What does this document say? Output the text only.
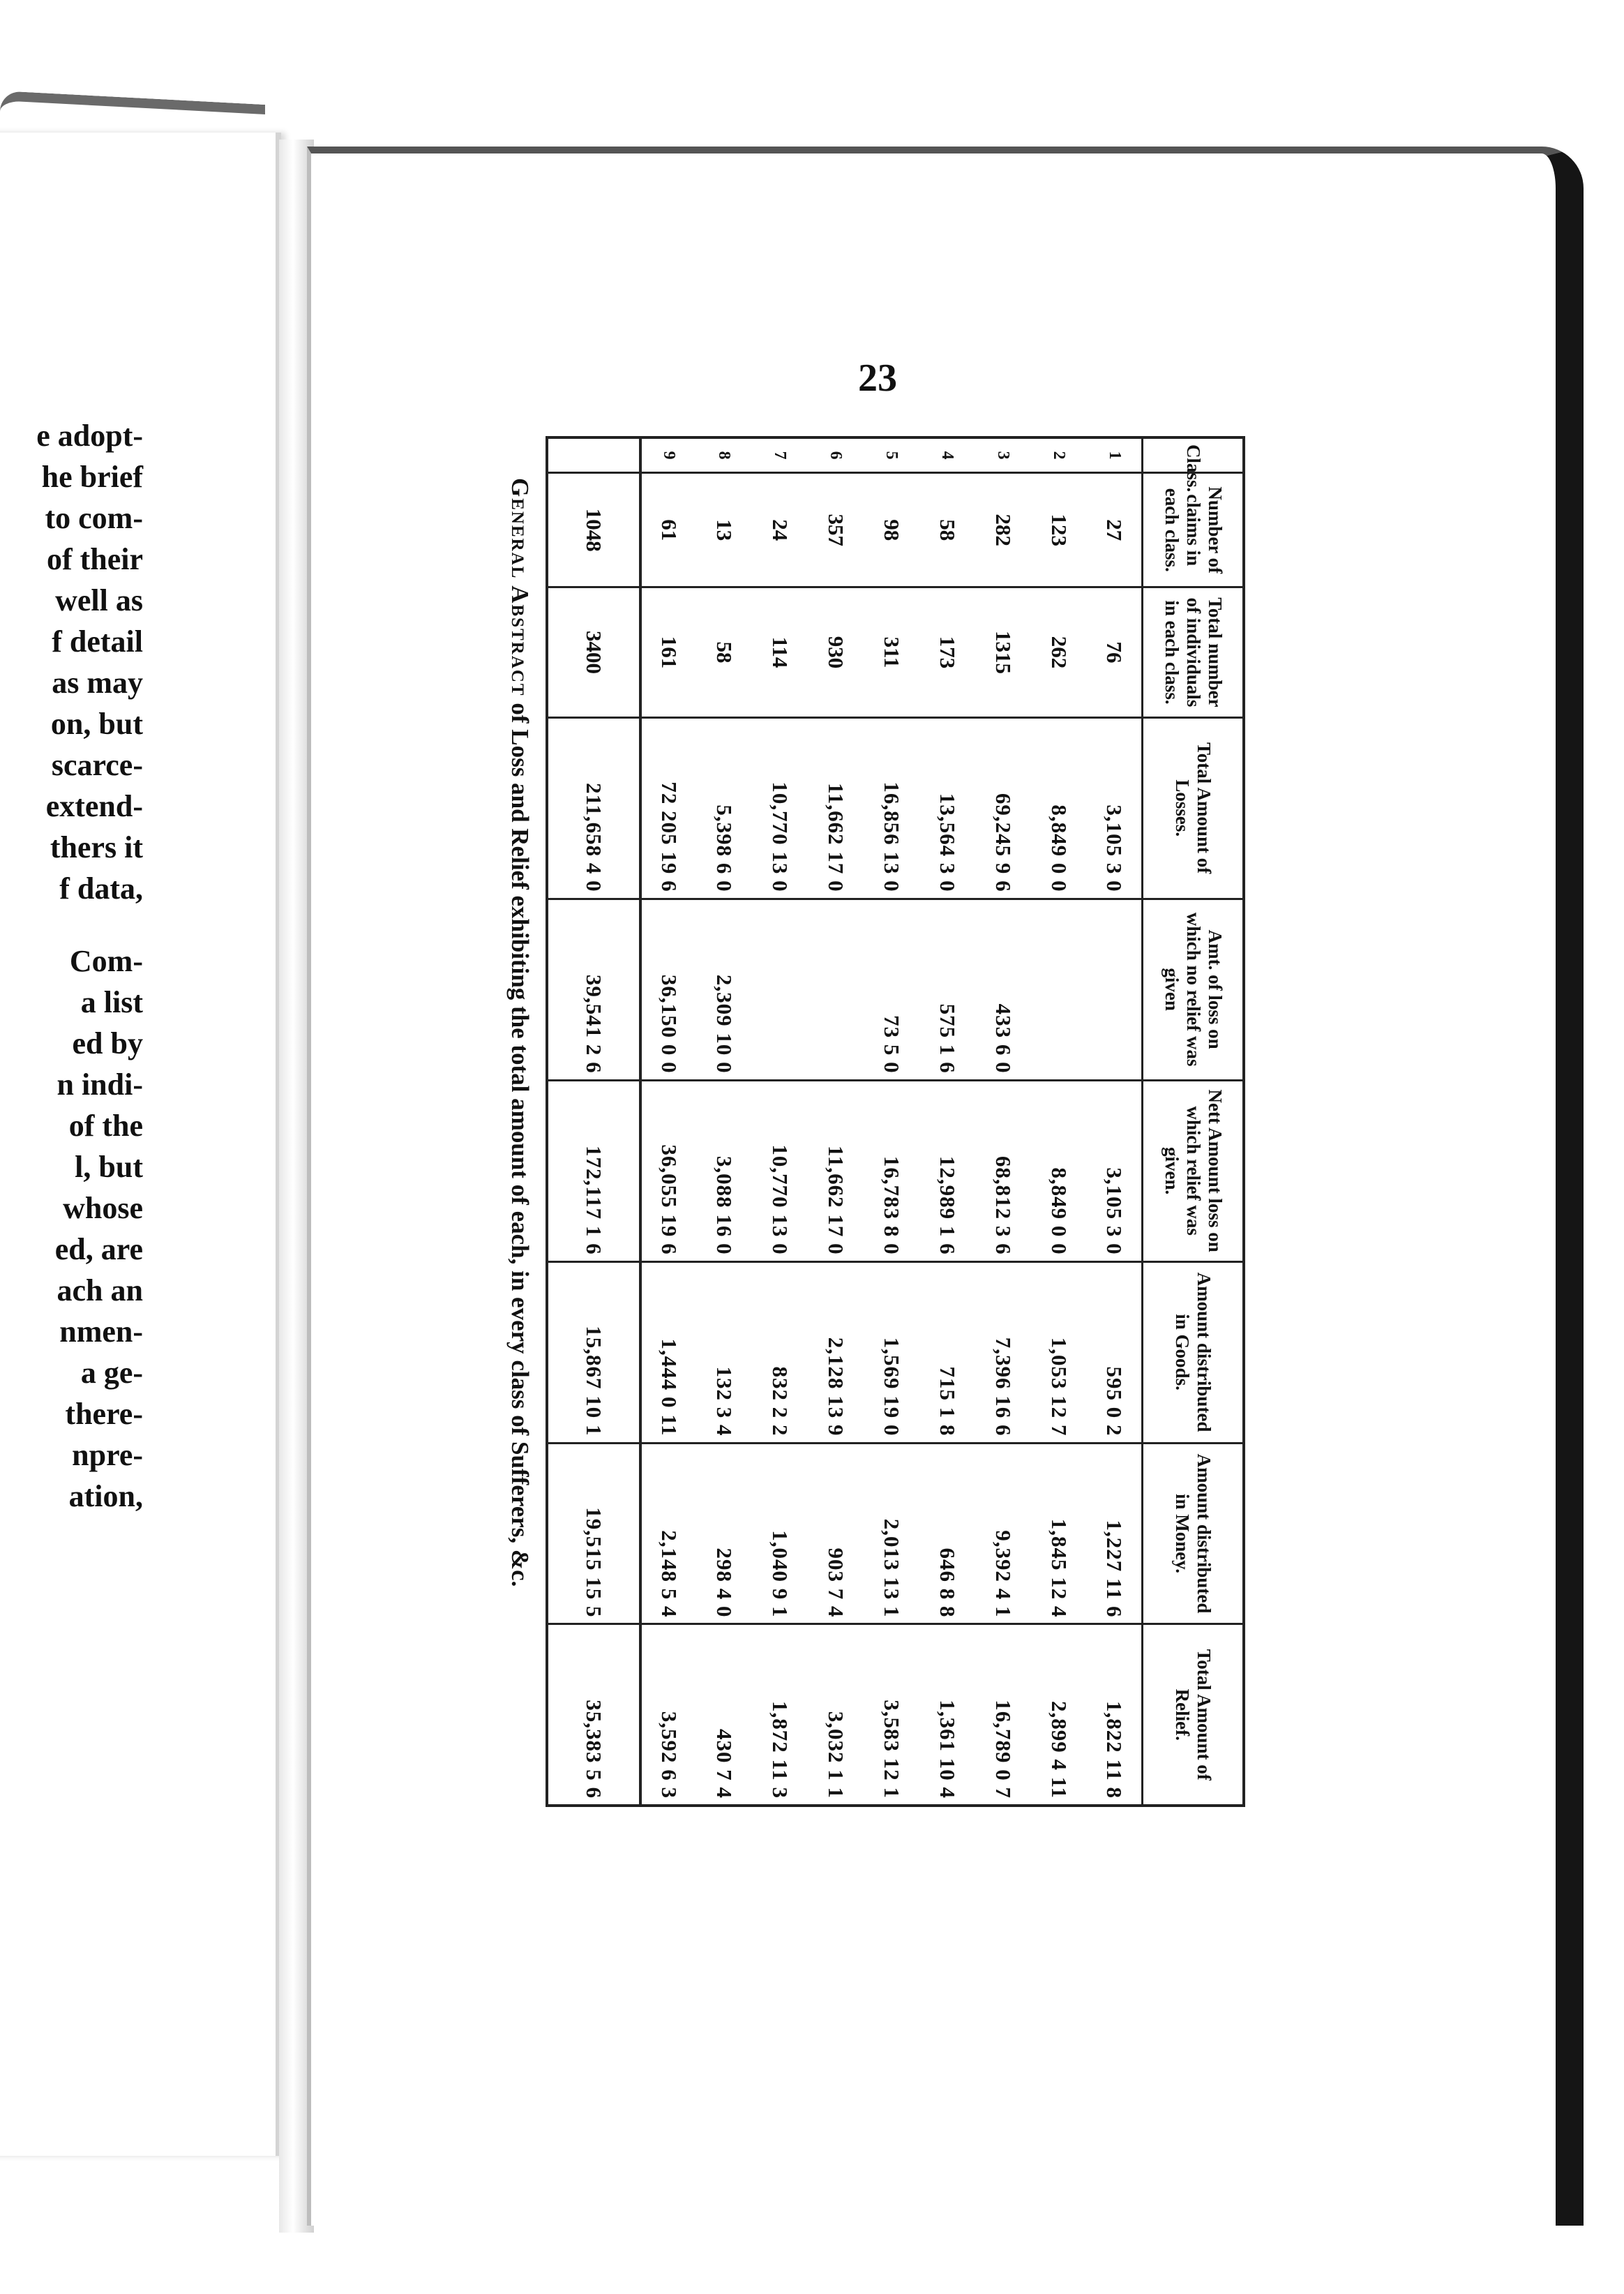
e adopt-
he brief
to com-
of their
well as
f detail
as may
on, but
scarce-
extend-
thers it
f data,
Com-
a list
ed by
n indi-
of the
l, but
whose
ed, are
ach an
nmen-
a ge-
there-
npre-
ation,
23
General Abstract of Loss and Relief exhibiting the total amount of each, in every class of Sufferers, &c.
Class.	Number of claims in each class.	Total number of individuals in each class.	Total Amount of Losses.	Amt. of loss on which no relief was given	Nett Amount loss on which relief was given.	Amount distributed in Goods.	Amount distributed in Money.	Total Amount of Relief.
1	27	76	3,105 3 0		3,105 3 0	595 0 2	1,227 11 6	1,822 11 8
2	123	262	8,849 0 0		8,849 0 0	1,053 12 7	1,845 12 4	2,899 4 11
3	282	1315	69,245 9 6	433 6 0	68,812 3 6	7,396 16 6	9,392 4 1	16,789 0 7
4	58	173	13,564 3 0	575 1 6	12,989 1 6	715 1 8	646 8 8	1,361 10 4
5	98	311	16,856 13 0	73 5 0	16,783 8 0	1,569 19 0	2,013 13 1	3,583 12 1
6	357	930	11,662 17 0		11,662 17 0	2,128 13 9	903 7 4	3,032 1 1
7	24	114	10,770 13 0		10,770 13 0	832 2 2	1,040 9 1	1,872 11 3
8	13	58	5,398 6 0	2,309 10 0	3,088 16 0	132 3 4	298 4 0	430 7 4
9	61	161	72 205 19 6	36,150 0 0	36,055 19 6	1,444 0 11	2,148 5 4	3,592 6 3
	1048	3400	211,658 4 0	39,541 2 6	172,117 1 6	15,867 10 1	19,515 15 5	35,383 5 6
